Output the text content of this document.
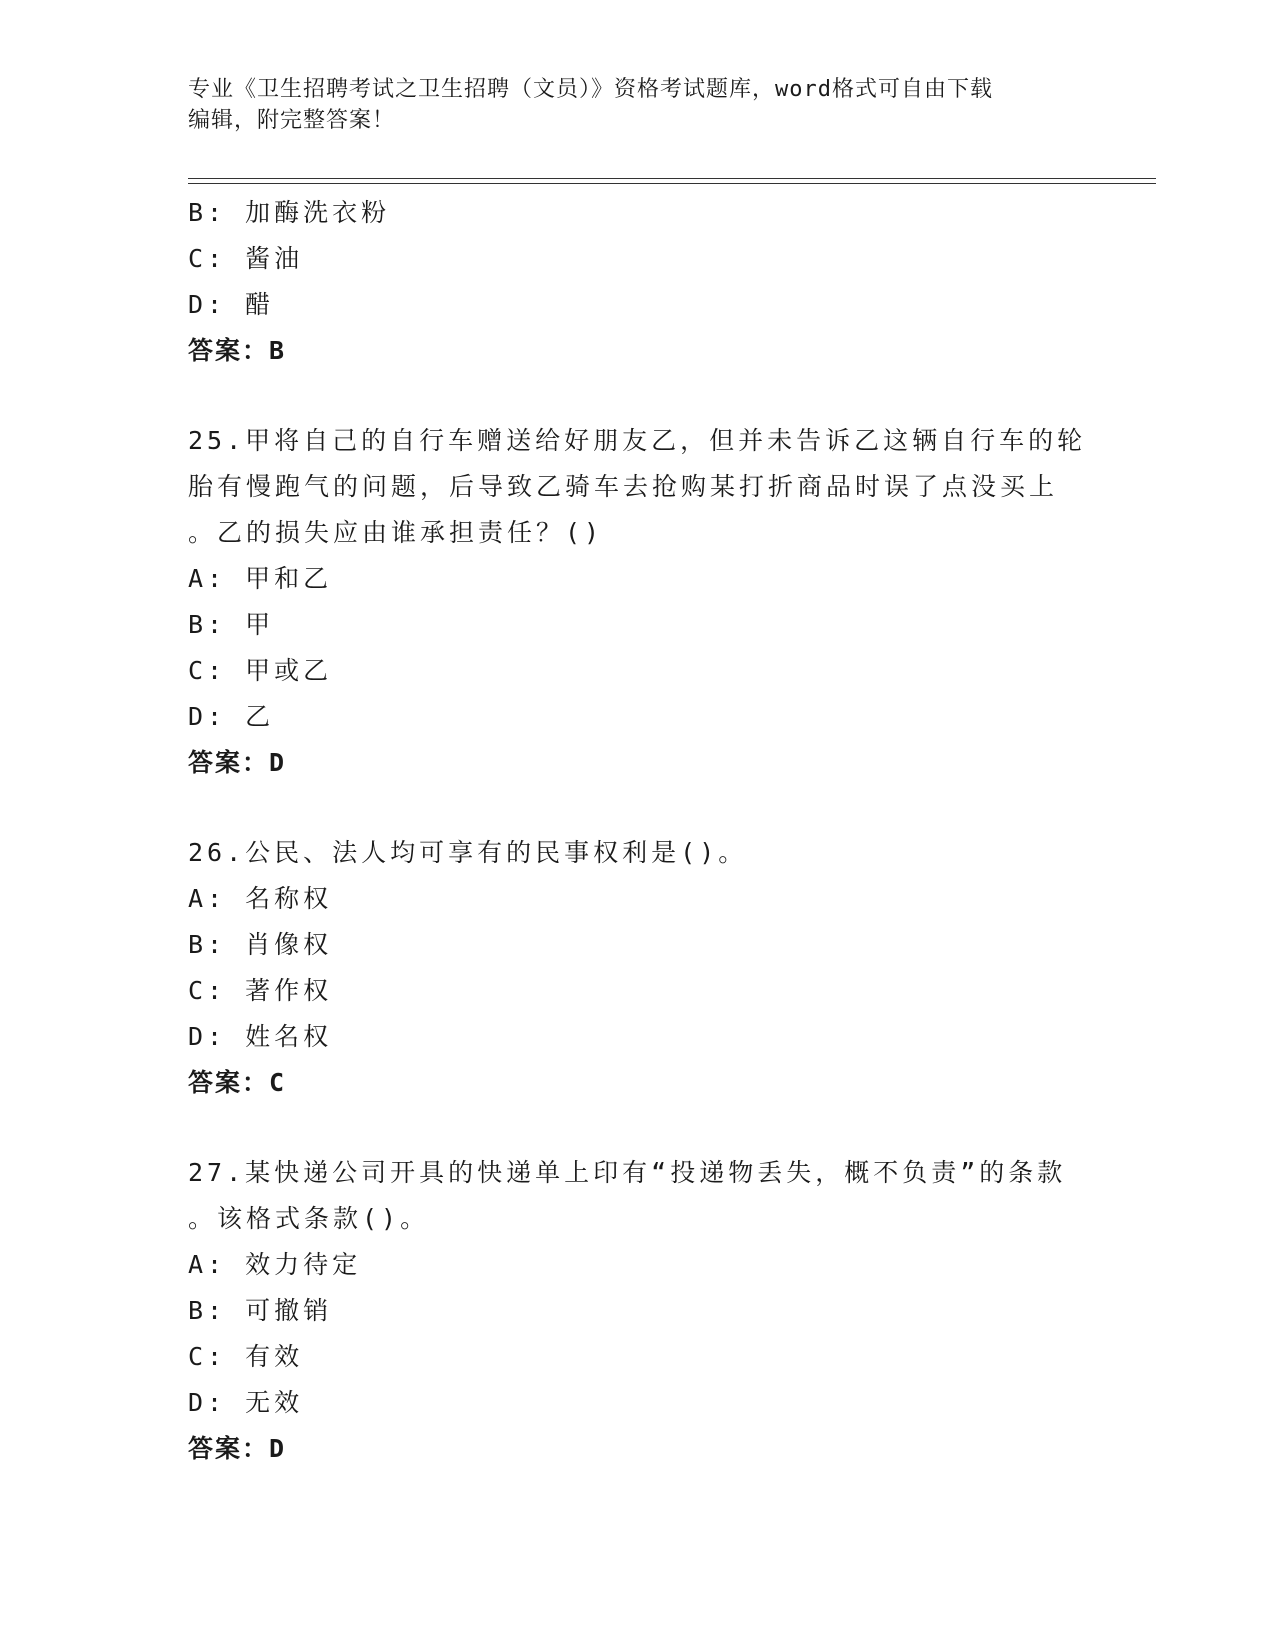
专业《卫生招聘考试之卫生招聘（文员）》资格考试题库，word格式可自由下载
编辑，附完整答案！
B: 加酶洗衣粉
C: 酱油
D: 醋
答案：B
25.甲将自己的自行车赠送给好朋友乙，但并未告诉乙这辆自行车的轮
胎有慢跑气的问题，后导致乙骑车去抢购某打折商品时误了点没买上
。乙的损失应由谁承担责任？()
A: 甲和乙
B: 甲
C: 甲或乙
D: 乙
答案：D
26.公民、法人均可享有的民事权利是()。
A: 名称权
B: 肖像权
C: 著作权
D: 姓名权
答案：C
27.某快递公司开具的快递单上印有“投递物丢失，概不负责”的条款
。该格式条款()。
A: 效力待定
B: 可撤销
C: 有效
D: 无效
答案：D
